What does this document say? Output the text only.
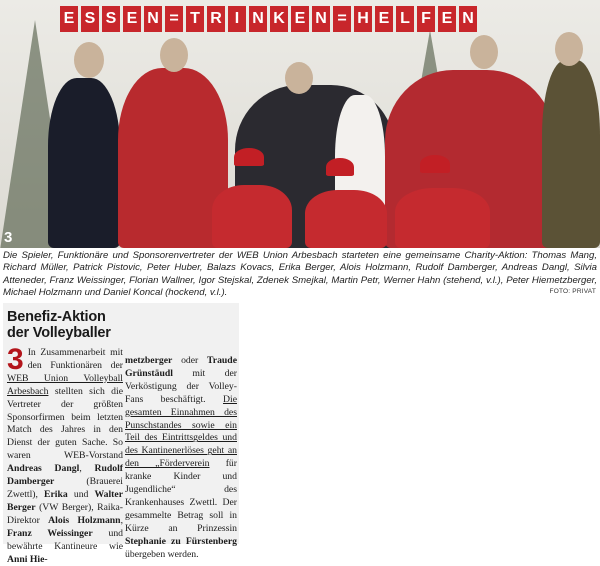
E S S E N = T R I N K E N = H E L F E N
3
Die Spieler, Funktionäre und Sponsorenvertreter der WEB Union Arbesbach starteten eine gemeinsame Charity-Aktion: Thomas Mang, Richard Müller, Patrick Pistovic, Peter Huber, Balazs Kovacs, Erika Berger, Alois Holzmann, Rudolf Damberger, Andreas Dangl, Silvia Atteneder, Franz Weissinger, Florian Wallner, Igor Stejskal, Zdenek Smejkal, Martin Petr, Werner Hahn (stehend, v.l.), Peter Hiemetzberger, Michael Holzmann und Daniel Koncal (hockend, v.l.).	FOTO: PRIVAT
Benefiz-Aktion der Volleyballer

3 In Zusammenarbeit mit den Funktionären der WEB Union Volleyball Arbesbach stellten sich die Vertreter der größten Sponsorfirmen beim letzten Match des Jahres in den Dienst der guten Sache. So waren WEB-Vorstand Andreas Dangl, Rudolf Damberger (Brauerei Zwettl), Erika und Walter Berger (VW Berger), Raika-Direktor Alois Holzmann, Franz Weissinger und bewährte Kantineure wie Anni Hie-

metzberger oder Traude Grünstäudl mit der Verköstigung der Volley-Fans beschäftigt. Die gesamten Einnahmen des Punschstandes sowie ein Teil des Eintrittsgeldes und des Kantinenerlöses geht an den „Förderverein für kranke Kinder und Jugendliche“ des Krankenhauses Zwettl. Der gesammelte Betrag soll in Kürze an Prinzessin Stephanie zu Fürstenberg übergeben werden.
